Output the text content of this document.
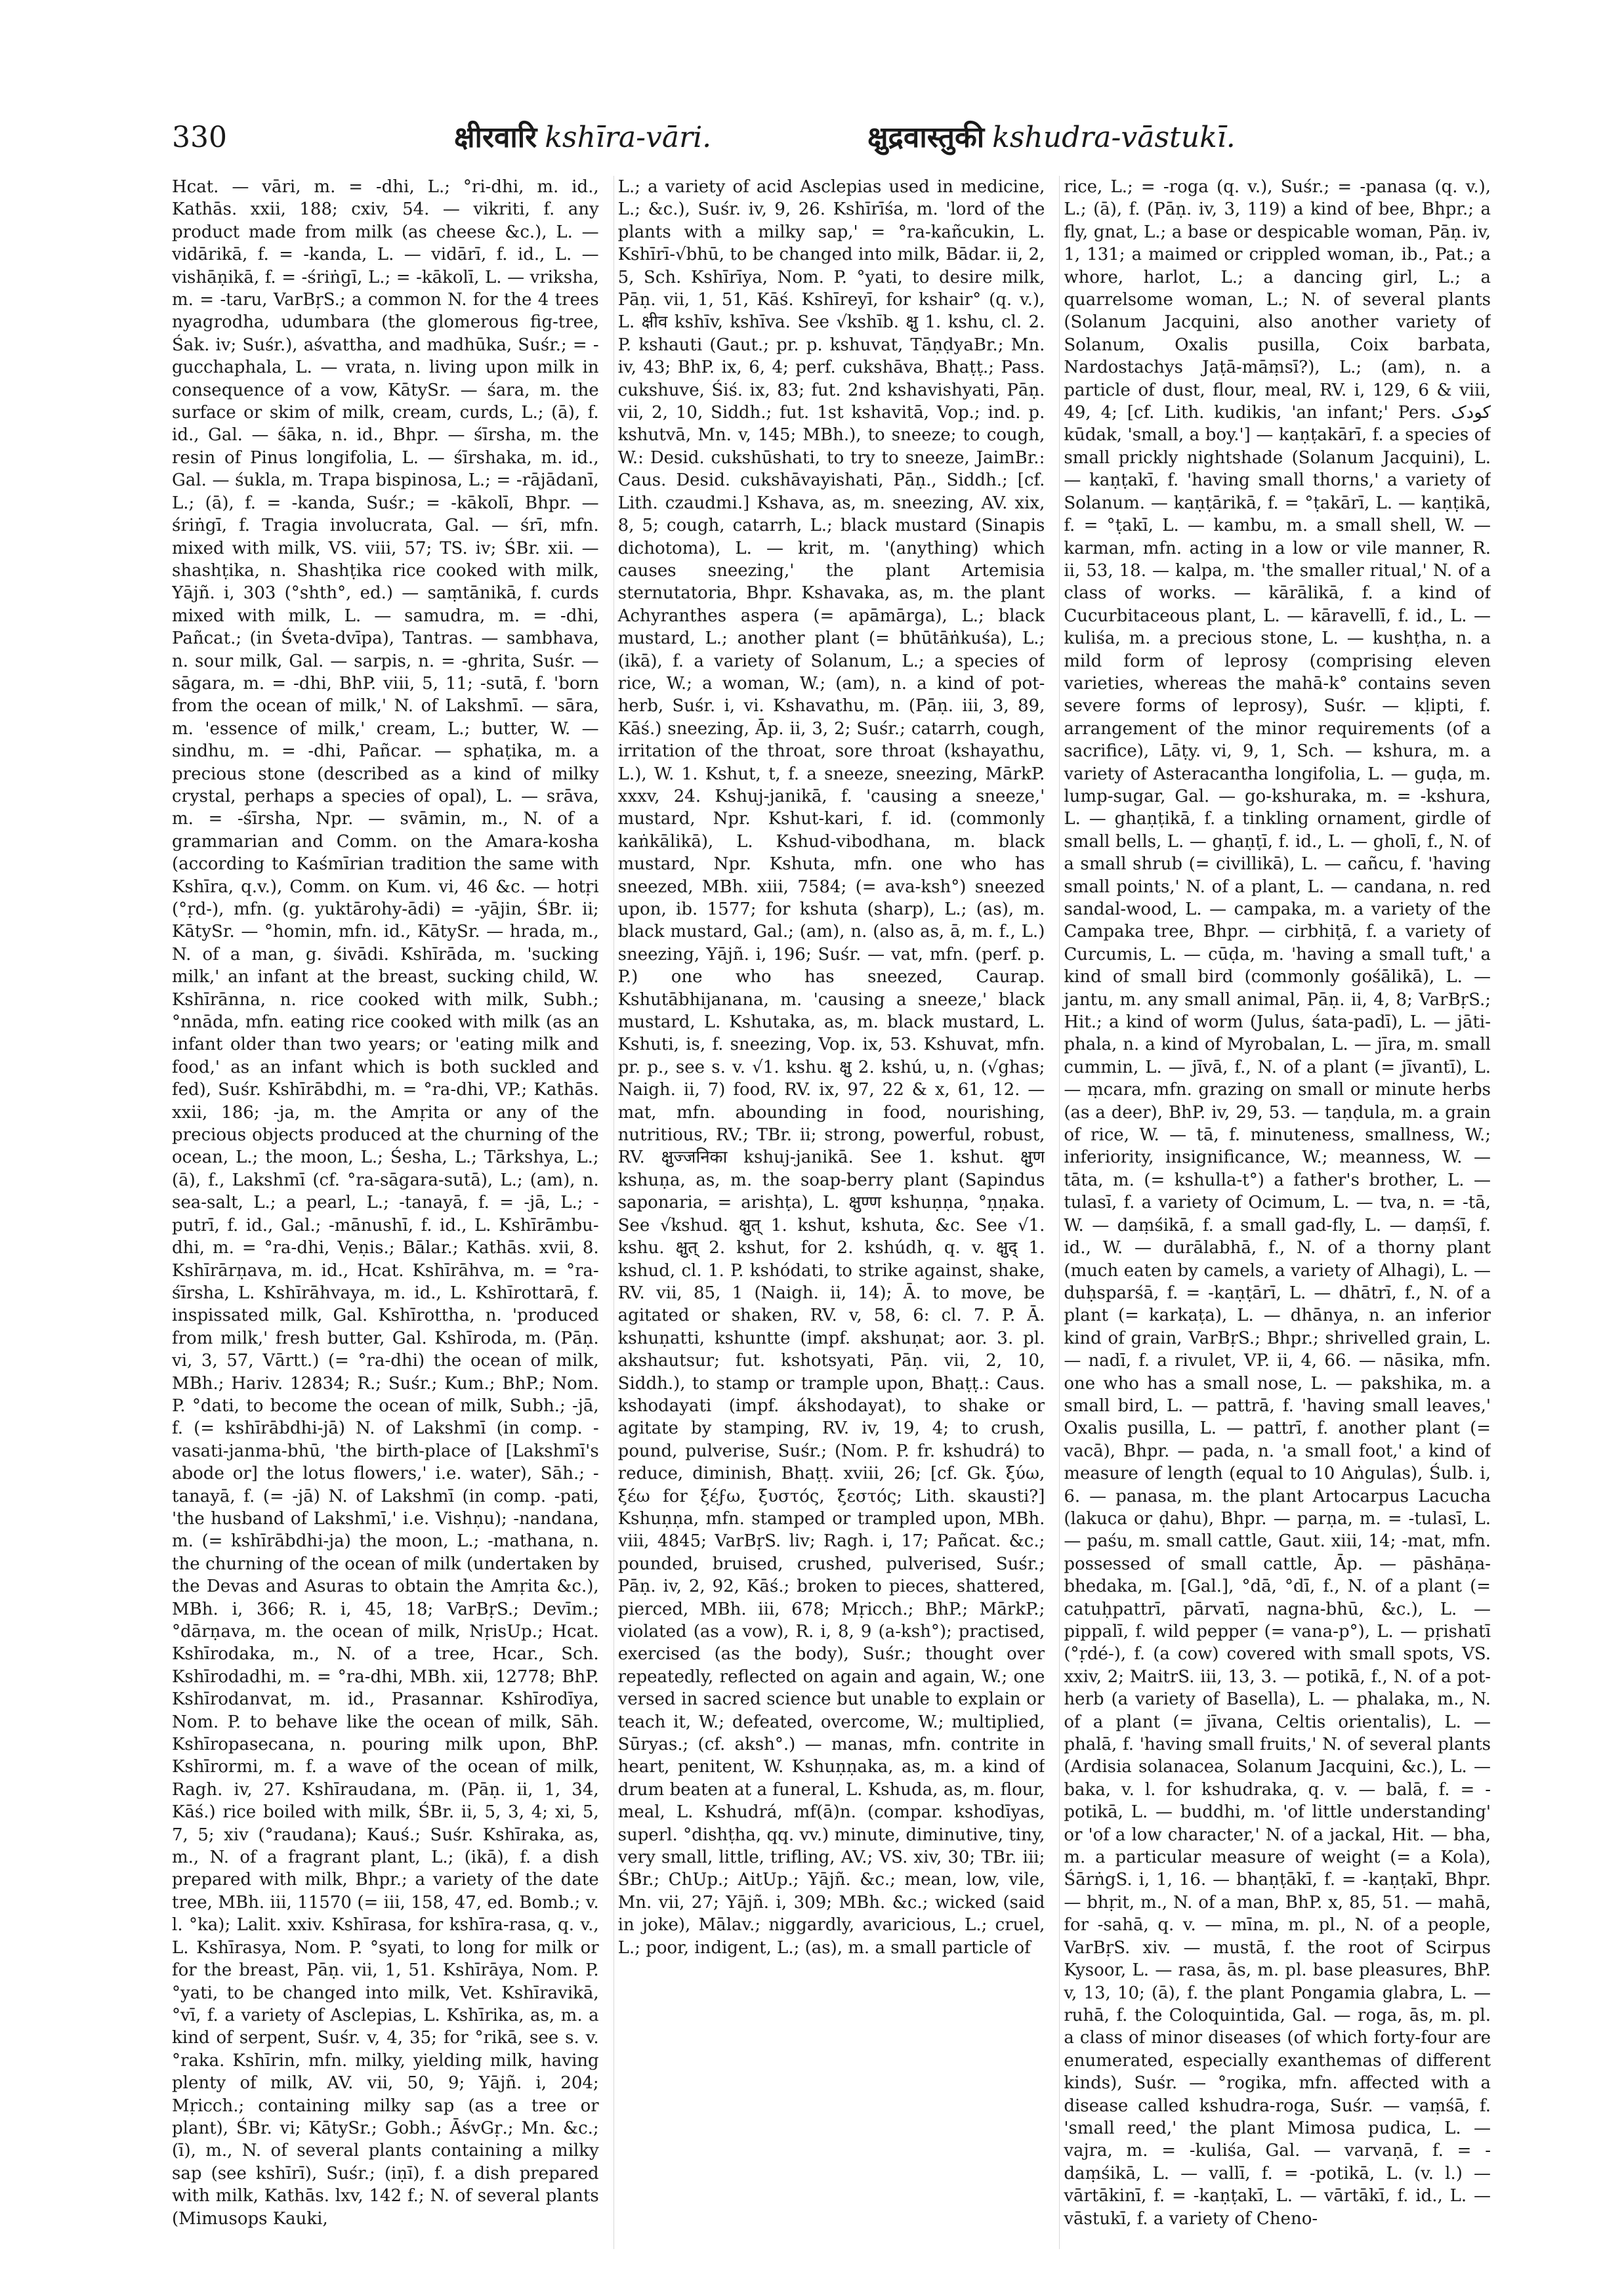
330	क्षीरवारि kshīra-vāri.	क्षुद्रवास्तुकी kshudra-vāstukī.

Hcat. — vāri, m. = -dhi, L.; °ri-dhi, m. id., Kathās. xxii, 188; cxiv, 54. — vikriti, f. any product made from milk (as cheese &c.), L. — vidārikā, f. = -kanda, L. — vidārī, f. id., L. — vishāṇikā, f. = -śriṅgī, L.; = -kākolī, L. — vriksha, m. = -taru, VarBṛS.; a common N. for the 4 trees nyagrodha, udumbara (the glomerous fig-tree, Śak. iv; Suśr.), aśvattha, and madhūka, Suśr.; = -gucchaphala, L. — vrata, n. living upon milk in consequence of a vow, KātySr. — śara, m. the surface or skim of milk, cream, curds, L.; (ā), f. id., Gal. — śāka, n. id., Bhpr. — śīrsha, m. the resin of Pinus longifolia, L. — śīrshaka, m. id., Gal. — śukla, m. Trapa bispinosa, L.; = -rājādanī, L.; (ā), f. = -kanda, Suśr.; = -kākolī, Bhpr. — śriṅgī, f. Tragia involucrata, Gal. — śrī, mfn. mixed with milk, VS. viii, 57; TS. iv; ŚBr. xii. — shashṭika, n. Shashṭika rice cooked with milk, Yājñ. i, 303 (°shth°, ed.) — saṃtānikā, f. curds mixed with milk, L. — samudra, m. = -dhi, Pañcat.; (in Śveta-dvīpa), Tantras. — sambhava, n. sour milk, Gal. — sarpis, n. = -ghrita, Suśr. — sāgara, m. = -dhi, BhP. viii, 5, 11; -sutā, f. 'born from the ocean of milk,' N. of Lakshmī. — sāra, m. 'essence of milk,' cream, L.; butter, W. — sindhu, m. = -dhi, Pañcar. — sphaṭika, m. a precious stone (described as a kind of milky crystal, perhaps a species of opal), L. — srāva, m. = -śīrsha, Npr. — svāmin, m., N. of a grammarian and Comm. on the Amara-kosha (according to Kaśmīrian tradition the same with Kshīra, q.v.), Comm. on Kum. vi, 46 &c. — hotṛi (°ṛd-), mfn. (g. yuktārohy-ādi) = -yājin, ŚBr. ii; KātySr. — °homin, mfn. id., KātySr. — hrada, m., N. of a man, g. śivādi. Kshīrāda, m. 'sucking milk,' an infant at the breast, sucking child, W. Kshīrānna, n. rice cooked with milk, Subh.; °nnāda, mfn. eating rice cooked with milk (as an infant older than two years; or 'eating milk and food,' as an infant which is both suckled and fed), Suśr. Kshīrābdhi, m. = °ra-dhi, VP.; Kathās. xxii, 186; -ja, m. the Amṛita or any of the precious objects produced at the churning of the ocean, L.; the moon, L.; Śesha, L.; Tārkshya, L.; (ā), f., Lakshmī (cf. °ra-sāgara-sutā), L.; (am), n. sea-salt, L.; a pearl, L.; -tanayā, f. = -jā, L.; -putrī, f. id., Gal.; -mānushī, f. id., L. Kshīrāmbu-dhi, m. = °ra-dhi, Veṇis.; Bālar.; Kathās. xvii, 8. Kshīrārṇava, m. id., Hcat. Kshīrāhva, m. = °ra-śīrsha, L. Kshīrāhvaya, m. id., L. Kshīrottarā, f. inspissated milk, Gal. Kshīrottha, n. 'produced from milk,' fresh butter, Gal. Kshīroda, m. (Pāṇ. vi, 3, 57, Vārtt.) (= °ra-dhi) the ocean of milk, MBh.; Hariv. 12834; R.; Suśr.; Kum.; BhP.; Nom. P. °dati, to become the ocean of milk, Subh.; -jā, f. (= kshīrābdhi-jā) N. of Lakshmī (in comp. -vasati-janma-bhū, 'the birth-place of [Lakshmī's abode or] the lotus flowers,' i.e. water), Sāh.; -tanayā, f. (= -jā) N. of Lakshmī (in comp. -pati, 'the husband of Lakshmī,' i.e. Vishṇu); -nandana, m. (= kshīrābdhi-ja) the moon, L.; -mathana, n. the churning of the ocean of milk (undertaken by the Devas and Asuras to obtain the Amṛita &c.), MBh. i, 366; R. i, 45, 18; VarBṛS.; Devīm.; °dārṇava, m. the ocean of milk, NṛisUp.; Hcat. Kshīrodaka, m., N. of a tree, Hcar., Sch. Kshīrodadhi, m. = °ra-dhi, MBh. xii, 12778; BhP. Kshīrodanvat, m. id., Prasannar. Kshīrodīya, Nom. P. to behave like the ocean of milk, Sāh. Kshīropasecana, n. pouring milk upon, BhP. Kshīrormi, m. f. a wave of the ocean of milk, Ragh. iv, 27. Kshīraudana, m. (Pāṇ. ii, 1, 34, Kāś.) rice boiled with milk, ŚBr. ii, 5, 3, 4; xi, 5, 7, 5; xiv (°raudana); Kauś.; Suśr. Kshīraka, as, m., N. of a fragrant plant, L.; (ikā), f. a dish prepared with milk, Bhpr.; a variety of the date tree, MBh. iii, 11570 (= iii, 158, 47, ed. Bomb.; v. l. °ka); Lalit. xxiv. Kshīrasa, for kshīra-rasa, q. v., L. Kshīrasya, Nom. P. °syati, to long for milk or for the breast, Pāṇ. vii, 1, 51. Kshīrāya, Nom. P. °yati, to be changed into milk, Vet. Kshīravikā, °vī, f. a variety of Asclepias, L. Kshīrika, as, m. a kind of serpent, Suśr. v, 4, 35; for °rikā, see s. v. °raka. Kshīrin, mfn. milky, yielding milk, having plenty of milk, AV. vii, 50, 9; Yājñ. i, 204; Mṛicch.; containing milky sap (as a tree or plant), ŚBr. vi; KātySr.; Gobh.; ĀśvGṛ.; Mn. &c.; (ī), m., N. of several plants containing a milky sap (see kshīrī), Suśr.; (iṇī), f. a dish prepared with milk, Kathās. lxv, 142 f.; N. of several plants (Mimusops Kauki,

L.; a variety of acid Asclepias used in medicine, L.; &c.), Suśr. iv, 9, 26. Kshīrīśa, m. 'lord of the plants with a milky sap,' = °ra-kañcukin, L. Kshīrī-√bhū, to be changed into milk, Bādar. ii, 2, 5, Sch. Kshīrīya, Nom. P. °yati, to desire milk, Pāṇ. vii, 1, 51, Kāś. Kshīreyī, for kshair° (q. v.), L. क्षीव kshīv, kshīva. See √kshīb. क्षु 1. kshu, cl. 2. P. kshauti (Gaut.; pr. p. kshuvat, TāṇḍyaBr.; Mn. iv, 43; BhP. ix, 6, 4; perf. cukshāva, Bhaṭṭ.; Pass. cukshuve, Śiś. ix, 83; fut. 2nd kshavishyati, Pāṇ. vii, 2, 10, Siddh.; fut. 1st kshavitā, Vop.; ind. p. kshutvā, Mn. v, 145; MBh.), to sneeze; to cough, W.: Desid. cukshūshati, to try to sneeze, JaimBr.: Caus. Desid. cukshāvayishati, Pāṇ., Siddh.; [cf. Lith. czaudmi.] Kshava, as, m. sneezing, AV. xix, 8, 5; cough, catarrh, L.; black mustard (Sinapis dichotoma), L. — krit, m. '(anything) which causes sneezing,' the plant Artemisia sternutatoria, Bhpr. Kshavaka, as, m. the plant Achyranthes aspera (= apāmārga), L.; black mustard, L.; another plant (= bhūtāṅkuśa), L.; (ikā), f. a variety of Solanum, L.; a species of rice, W.; a woman, W.; (am), n. a kind of pot-herb, Suśr. i, vi. Kshavathu, m. (Pāṇ. iii, 3, 89, Kāś.) sneezing, Āp. ii, 3, 2; Suśr.; catarrh, cough, irritation of the throat, sore throat (kshayathu, L.), W. 1. Kshut, t, f. a sneeze, sneezing, MārkP. xxxv, 24. Kshuj-janikā, f. 'causing a sneeze,' mustard, Npr. Kshut-kari, f. id. (commonly kaṅkālikā), L. Kshud-vibodhana, m. black mustard, Npr. Kshuta, mfn. one who has sneezed, MBh. xiii, 7584; (= ava-ksh°) sneezed upon, ib. 1577; for kshuta (sharp), L.; (as), m. black mustard, Gal.; (am), n. (also as, ā, m. f., L.) sneezing, Yājñ. i, 196; Suśr. — vat, mfn. (perf. p. P.) one who has sneezed, Caurap. Kshutābhijanana, m. 'causing a sneeze,' black mustard, L. Kshutaka, as, m. black mustard, L. Kshuti, is, f. sneezing, Vop. ix, 53. Kshuvat, mfn. pr. p., see s. v. √1. kshu. क्षु 2. kshú, u, n. (√ghas; Naigh. ii, 7) food, RV. ix, 97, 22 & x, 61, 12. — mat, mfn. abounding in food, nourishing, nutritious, RV.; TBr. ii; strong, powerful, robust, RV. क्षुज्जनिका kshuj-janikā. See 1. kshut. क्षुण kshuṇa, as, m. the soap-berry plant (Sapindus saponaria, = arishṭa), L. क्षुण्ण kshuṇṇa, °ṇṇaka. See √kshud. क्षुत् 1. kshut, kshuta, &c. See √1. kshu. क्षुत् 2. kshut, for 2. kshúdh, q. v. क्षुद् 1. kshud, cl. 1. P. kshódati, to strike against, shake, RV. vii, 85, 1 (Naigh. ii, 14); Ā. to move, be agitated or shaken, RV. v, 58, 6: cl. 7. P. Ā. kshuṇatti, kshuntte (impf. akshuṇat; aor. 3. pl. akshautsur; fut. kshotsyati, Pāṇ. vii, 2, 10, Siddh.), to stamp or trample upon, Bhaṭṭ.: Caus. kshodayati (impf. ákshodayat), to shake or agitate by stamping, RV. iv, 19, 4; to crush, pound, pulverise, Suśr.; (Nom. P. fr. kshudrá) to reduce, diminish, Bhaṭṭ. xviii, 26; [cf. Gk. ξύω, ξέω for ξέϝω, ξυστός, ξεστός; Lith. skausti?] Kshuṇṇa, mfn. stamped or trampled upon, MBh. viii, 4845; VarBṛS. liv; Ragh. i, 17; Pañcat. &c.; pounded, bruised, crushed, pulverised, Suśr.; Pāṇ. iv, 2, 92, Kāś.; broken to pieces, shattered, pierced, MBh. iii, 678; Mṛicch.; BhP.; MārkP.; violated (as a vow), R. i, 8, 9 (a-ksh°); practised, exercised (as the body), Suśr.; thought over repeatedly, reflected on again and again, W.; one versed in sacred science but unable to explain or teach it, W.; defeated, overcome, W.; multiplied, Sūryas.; (cf. aksh°.) — manas, mfn. contrite in heart, penitent, W. Kshuṇṇaka, as, m. a kind of drum beaten at a funeral, L. Kshuda, as, m. flour, meal, L. Kshudrá, mf(ā)n. (compar. kshodīyas, superl. °dishṭha, qq. vv.) minute, diminutive, tiny, very small, little, trifling, AV.; VS. xiv, 30; TBr. iii; ŚBr.; ChUp.; AitUp.; Yājñ. &c.; mean, low, vile, Mn. vii, 27; Yājñ. i, 309; MBh. &c.; wicked (said in joke), Mālav.; niggardly, avaricious, L.; cruel, L.; poor, indigent, L.; (as), m. a small particle of

rice, L.; = -roga (q. v.), Suśr.; = -panasa (q. v.), L.; (ā), f. (Pāṇ. iv, 3, 119) a kind of bee, Bhpr.; a fly, gnat, L.; a base or despicable woman, Pāṇ. iv, 1, 131; a maimed or crippled woman, ib., Pat.; a whore, harlot, L.; a dancing girl, L.; a quarrelsome woman, L.; N. of several plants (Solanum Jacquini, also another variety of Solanum, Oxalis pusilla, Coix barbata, Nardostachys Jaṭā-māṃsī?), L.; (am), n. a particle of dust, flour, meal, RV. i, 129, 6 & viii, 49, 4; [cf. Lith. kudikis, 'an infant;' Pers. کودک kūdak, 'small, a boy.'] — kaṇṭakārī, f. a species of small prickly nightshade (Solanum Jacquini), L. — kaṇṭakī, f. 'having small thorns,' a variety of Solanum. — kaṇṭārikā, f. = °ṭakārī, L. — kaṇṭikā, f. = °ṭakī, L. — kambu, m. a small shell, W. — karman, mfn. acting in a low or vile manner, R. ii, 53, 18. — kalpa, m. 'the smaller ritual,' N. of a class of works. — kārālikā, f. a kind of Cucurbitaceous plant, L. — kāravellī, f. id., L. — kuliśa, m. a precious stone, L. — kushṭha, n. a mild form of leprosy (comprising eleven varieties, whereas the mahā-k° contains seven severe forms of leprosy), Suśr. — kḷipti, f. arrangement of the minor requirements (of a sacrifice), Lāṭy. vi, 9, 1, Sch. — kshura, m. a variety of Asteracantha longifolia, L. — guḍa, m. lump-sugar, Gal. — go-kshuraka, m. = -kshura, L. — ghaṇṭikā, f. a tinkling ornament, girdle of small bells, L. — ghaṇṭī, f. id., L. — gholī, f., N. of a small shrub (= civillikā), L. — cañcu, f. 'having small points,' N. of a plant, L. — candana, n. red sandal-wood, L. — campaka, m. a variety of the Campaka tree, Bhpr. — cirbhiṭā, f. a variety of Curcumis, L. — cūḍa, m. 'having a small tuft,' a kind of small bird (commonly gośālikā), L. — jantu, m. any small animal, Pāṇ. ii, 4, 8; VarBṛS.; Hit.; a kind of worm (Julus, śata-padī), L. — jāti-phala, n. a kind of Myrobalan, L. — jīra, m. small cummin, L. — jīvā, f., N. of a plant (= jīvantī), L. — ṃcara, mfn. grazing on small or minute herbs (as a deer), BhP. iv, 29, 53. — taṇḍula, m. a grain of rice, W. — tā, f. minuteness, smallness, W.; inferiority, insignificance, W.; meanness, W. — tāta, m. (= kshulla-t°) a father's brother, L. — tulasī, f. a variety of Ocimum, L. — tva, n. = -tā, W. — daṃśikā, f. a small gad-fly, L. — daṃśī, f. id., W. — durālabhā, f., N. of a thorny plant (much eaten by camels, a variety of Alhagi), L. — duḥsparśā, f. = -kaṇṭārī, L. — dhātrī, f., N. of a plant (= karkaṭa), L. — dhānya, n. an inferior kind of grain, VarBṛS.; Bhpr.; shrivelled grain, L. — nadī, f. a rivulet, VP. ii, 4, 66. — nāsika, mfn. one who has a small nose, L. — pakshika, m. a small bird, L. — pattrā, f. 'having small leaves,' Oxalis pusilla, L. — pattrī, f. another plant (= vacā), Bhpr. — pada, n. 'a small foot,' a kind of measure of length (equal to 10 Aṅgulas), Śulb. i, 6. — panasa, m. the plant Artocarpus Lacucha (lakuca or ḍahu), Bhpr. — parṇa, m. = -tulasī, L. — paśu, m. small cattle, Gaut. xiii, 14; -mat, mfn. possessed of small cattle, Āp. — pāshāṇa-bhedaka, m. [Gal.], °dā, °dī, f., N. of a plant (= catuḥpattrī, pārvatī, nagna-bhū, &c.), L. — pippalī, f. wild pepper (= vana-p°), L. — pṛishatī (°ṛdé-), f. (a cow) covered with small spots, VS. xxiv, 2; MaitrS. iii, 13, 3. — potikā, f., N. of a pot-herb (a variety of Basella), L. — phalaka, m., N. of a plant (= jīvana, Celtis orientalis), L. — phalā, f. 'having small fruits,' N. of several plants (Ardisia solanacea, Solanum Jacquini, &c.), L. — baka, v. l. for kshudraka, q. v. — balā, f. = -potikā, L. — buddhi, m. 'of little understanding' or 'of a low character,' N. of a jackal, Hit. — bha, m. a particular measure of weight (= a Kola), ŚārṅgS. i, 1, 16. — bhaṇṭākī, f. = -kaṇṭakī, Bhpr. — bhṛit, m., N. of a man, BhP. x, 85, 51. — mahā, for -sahā, q. v. — mīna, m. pl., N. of a people, VarBṛS. xiv. — mustā, f. the root of Scirpus Kysoor, L. — rasa, ās, m. pl. base pleasures, BhP. v, 13, 10; (ā), f. the plant Pongamia glabra, L. — ruhā, f. the Coloquintida, Gal. — roga, ās, m. pl. a class of minor diseases (of which forty-four are enumerated, especially exanthemas of different kinds), Suśr. — °rogika, mfn. affected with a disease called kshudra-roga, Suśr. — vaṃśā, f. 'small reed,' the plant Mimosa pudica, L. — vajra, m. = -kuliśa, Gal. — varvaṇā, f. = -daṃśikā, L. — vallī, f. = -potikā, L. (v. l.) — vārtākinī, f. = -kaṇṭakī, L. — vārtākī, f. id., L. — vāstukī, f. a variety of Cheno-
